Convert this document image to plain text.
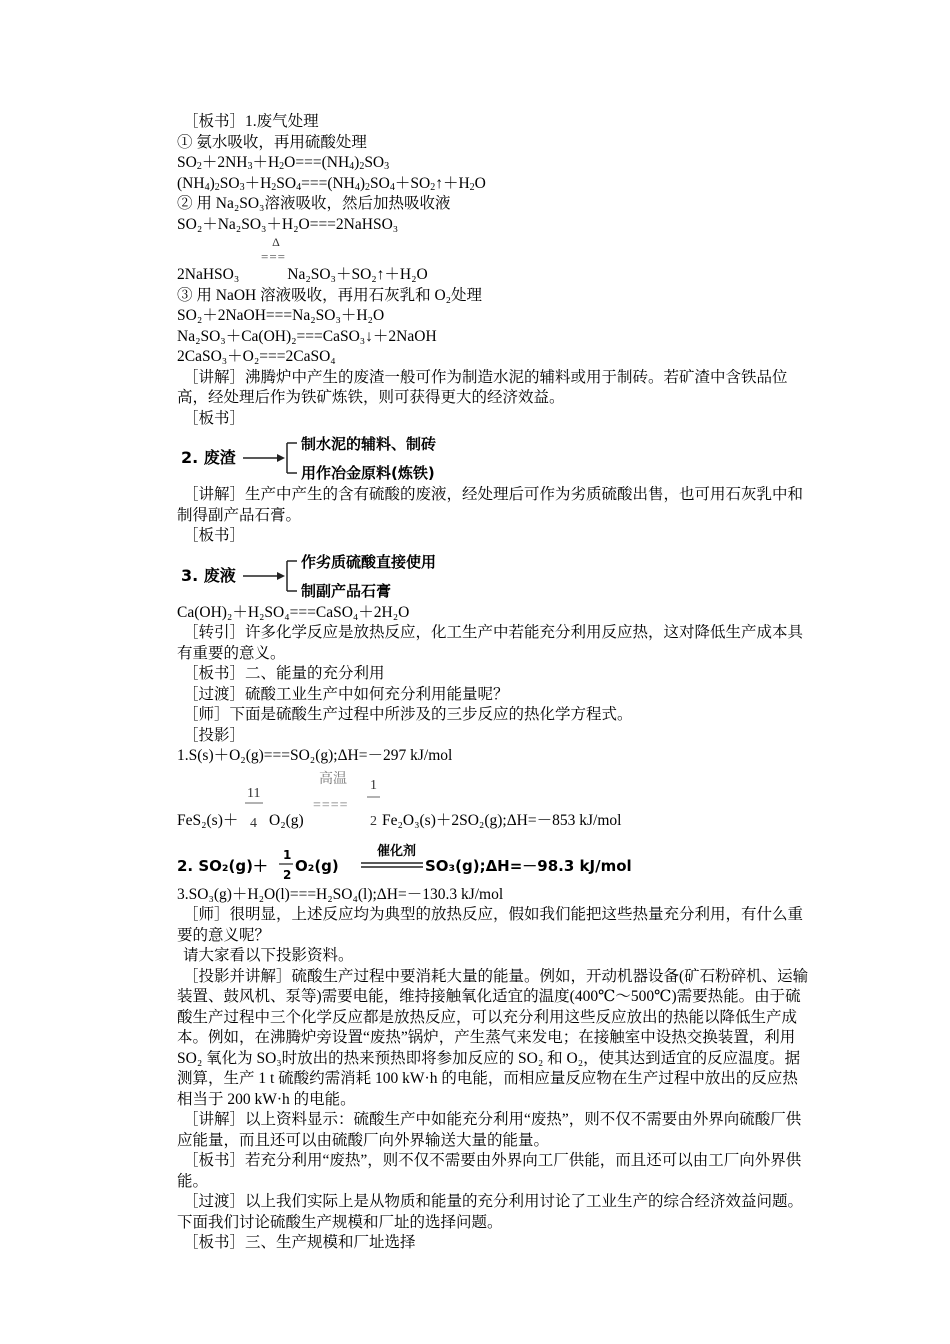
［板书］1.废气处理

① 氨水吸收，再用硫酸处理

$SO_2+2NH_3+H_2O===(NH_4)_2SO_3$

$(NH_4)_2SO_3+H_2SO_4===(NH_4)_2SO_4+SO_2↑+H_2O$

② 用 Na₂SO₃溶液吸收，然后加热吸收液

SO₂＋Na₂SO₃＋H₂O===2NaHSO₃

Δ
===

2NaHSO₃	Na₂SO₃＋SO₂↑＋H₂O

③ 用 NaOH 溶液吸收，再用石灰乳和 O₂处理

SO₂＋2NaOH===Na₂SO₃＋H₂O

Na₂SO₃＋Ca(OH)₂===CaSO₃↓＋2NaOH

2CaSO₃＋O₂===2CaSO₄

［讲解］沸腾炉中产生的废渣一般可作为制造水泥的辅料或用于制砖。若矿渣中含铁品位高，经处理后作为铁矿炼铁，则可获得更大的经济效益。

［板书］

2. 废渣
制水泥的辅料、制砖
用作冶金原料(炼铁)

［讲解］生产中产生的含有硫酸的废液，经处理后可作为劣质硫酸出售，也可用石灰乳中和制得副产品石膏。

［板书］

3. 废液
作劣质硫酸直接使用
制副产品石膏

Ca(OH)₂＋H₂SO₄===CaSO₄＋2H₂O

［转引］许多化学反应是放热反应，化工生产中若能充分利用反应热，这对降低生产成本具有重要的意义。

［板书］二、能量的充分利用

［过渡］硫酸工业生产中如何充分利用能量呢？

［师］下面是硫酸生产过程中所涉及的三步反应的热化学方程式。

［投影］

1.S(s)＋O₂(g)===SO₂(g);ΔH=－297 kJ/mol

FeS₂(s)＋
11
4 O₂(g)
高温
====
1
2 Fe₂O₃(s)＋2SO₂(g);ΔH=－853 kJ/mol
2. SO₂(g)＋
1
2 O₂(g)
催化剂
SO₃(g);ΔH=－98.3 kJ/mol

3.SO₃(g)＋H₂O(l)===H₂SO₄(l);ΔH=－130.3 kJ/mol

［师］很明显，上述反应均为典型的放热反应，假如我们能把这些热量充分利用，有什么重要的意义呢？

请大家看以下投影资料。

［投影并讲解］硫酸生产过程中要消耗大量的能量。例如，开动机器设备(矿石粉碎机、运输装置、鼓风机、泵等)需要电能，维持接触氧化适宜的温度(400℃～500℃)需要热能。由于硫酸生产过程中三个化学反应都是放热反应，可以充分利用这些反应放出的热能以降低生产成本。例如，在沸腾炉旁设置“废热”锅炉，产生蒸气来发电；在接触室中设热交换装置，利用 SO₂ 氧化为 SO₃时放出的热来预热即将参加反应的 SO₂ 和 O₂，使其达到适宜的反应温度。据测算，生产 1 t 硫酸约需消耗 100 kW·h 的电能，而相应量反应物在生产过程中放出的反应热相当于 200 kW·h 的电能。

［讲解］以上资料显示：硫酸生产中如能充分利用“废热”，则不仅不需要由外界向硫酸厂供应能量，而且还可以由硫酸厂向外界输送大量的能量。

［板书］若充分利用“废热”，则不仅不需要由外界向工厂供能，而且还可以由工厂向外界供能。

［过渡］以上我们实际上是从物质和能量的充分利用讨论了工业生产的综合经济效益问题。下面我们讨论硫酸生产规模和厂址的选择问题。

［板书］三、生产规模和厂址选择
